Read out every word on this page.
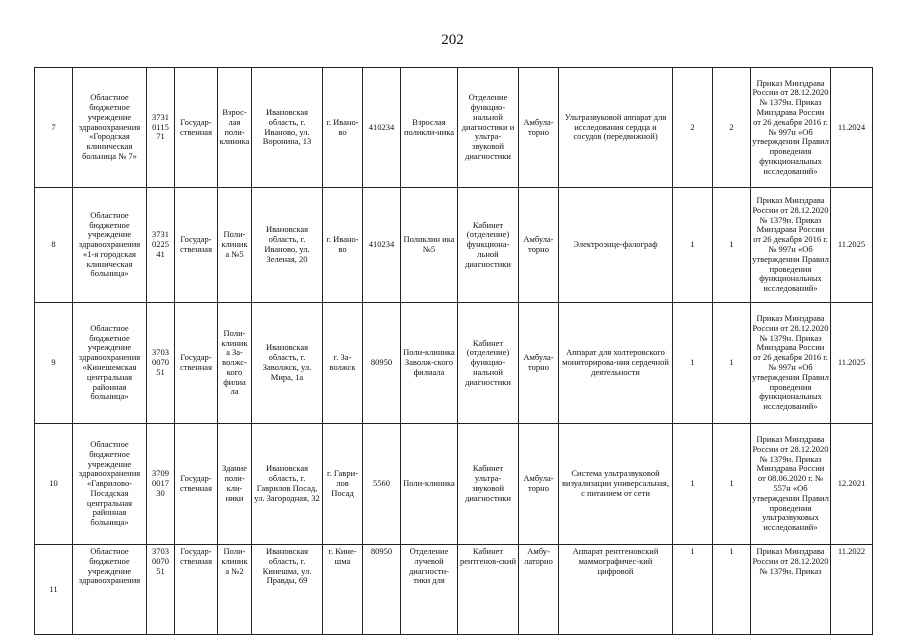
202
7	Областное бюджетное учреждение здравоохранения «Городская клиническая больница № 7»	3731 0115 71	Государ-ственная	Взрос-лая поли-клиника	Ивановская область, г. Иваново, ул. Воронина, 13	г. Ивано-во	410234	Взрослая поликли-ника	Отделение функцио-нальной диагностики и ультра-звуковой диагностики	Амбула-торно	Ультразвуковой аппарат для исследования сердца и сосудов (передвижной)	2	2	Приказ Минздрава России от 28.12.2020 № 1379н. Приказ Минздрава России от 26 декабря 2016 г. № 997н «Об утверждении Правил проведения функциональных исследований»	11.2024
8	Областное бюджетное учреждение здравоохранения «1-я городская клиническая больница»	3731 0225 41	Государ-ственная	Поли-клиник а №5	Ивановская область, г. Иваново, ул. Зеленая, 20	г. Ивано-во	410234	Поликлин ика №5	Кабинет (отделение) функциона-льной диагностики	Амбула-торно	Электроэнце-фалограф	1	1	Приказ Минздрава России от 28.12.2020 № 1379н. Приказ Минздрава России от 26 декабря 2016 г. № 997н «Об утверждении Правил проведения функциональных исследований»	11.2025
9	Областное бюджетное учреждение здравоохранения «Кинешемская центральная районная больница»	3703 0070 51	Государ-ственная	Поли-клиник а За-волжс-кого филиа ла	Ивановская область, г. Заволжск, ул. Мира, 1а	г. За-волжск	80950	Поли-клиника Заволж-ского филиала	Кабинет (отделение) функцио-нальной диагностики	Амбула-торно	Аппарат для холтеровского мониторирова-ния сердечной деятельности	1	1	Приказ Минздрава России от 28.12.2020 № 1379н. Приказ Минздрава России от 26 декабря 2016 г. № 997н «Об утверждении Правил проведения функциональных исследований»	11.2025
10	Областное бюджетное учреждение здравоохранения «Гаврилово-Посадская центральная районная больница»	3709 0017 30	Государ-ственная	Здание поли-кли-ники	Ивановская область, г. Гаврилов Посад, ул. Загородная, 32	г. Гаври-лов Посад	5560	Поли-клиника	Кабинет ультра-звуковой диагностики	Амбула-торно	Система ультразвуковой визуализации универсальная, с питанием от сети	1	1	Приказ Минздрава России от 28.12.2020 № 1379н. Приказ Минздрава России от 08.06.2020 г. № 557н «Об утверждении Правил проведения ультразвуковых исследований»	12.2021
11	Областное бюджетное учреждение здравоохранения	3703 0070 51	Государ-ственная	Поли-клиник а №2	Ивановская область, г. Кинешма, ул. Правды, 69	г. Кине-шма	80950	Отделение лучевой диагности-тики для	Кабинет рентгенов-ский	Амбу-латорно	Аппарат рентгеновский маммографичес-кий цифровой	1	1	Приказ Минздрава России от 28.12.2020 № 1379н. Приказ	11.2022
